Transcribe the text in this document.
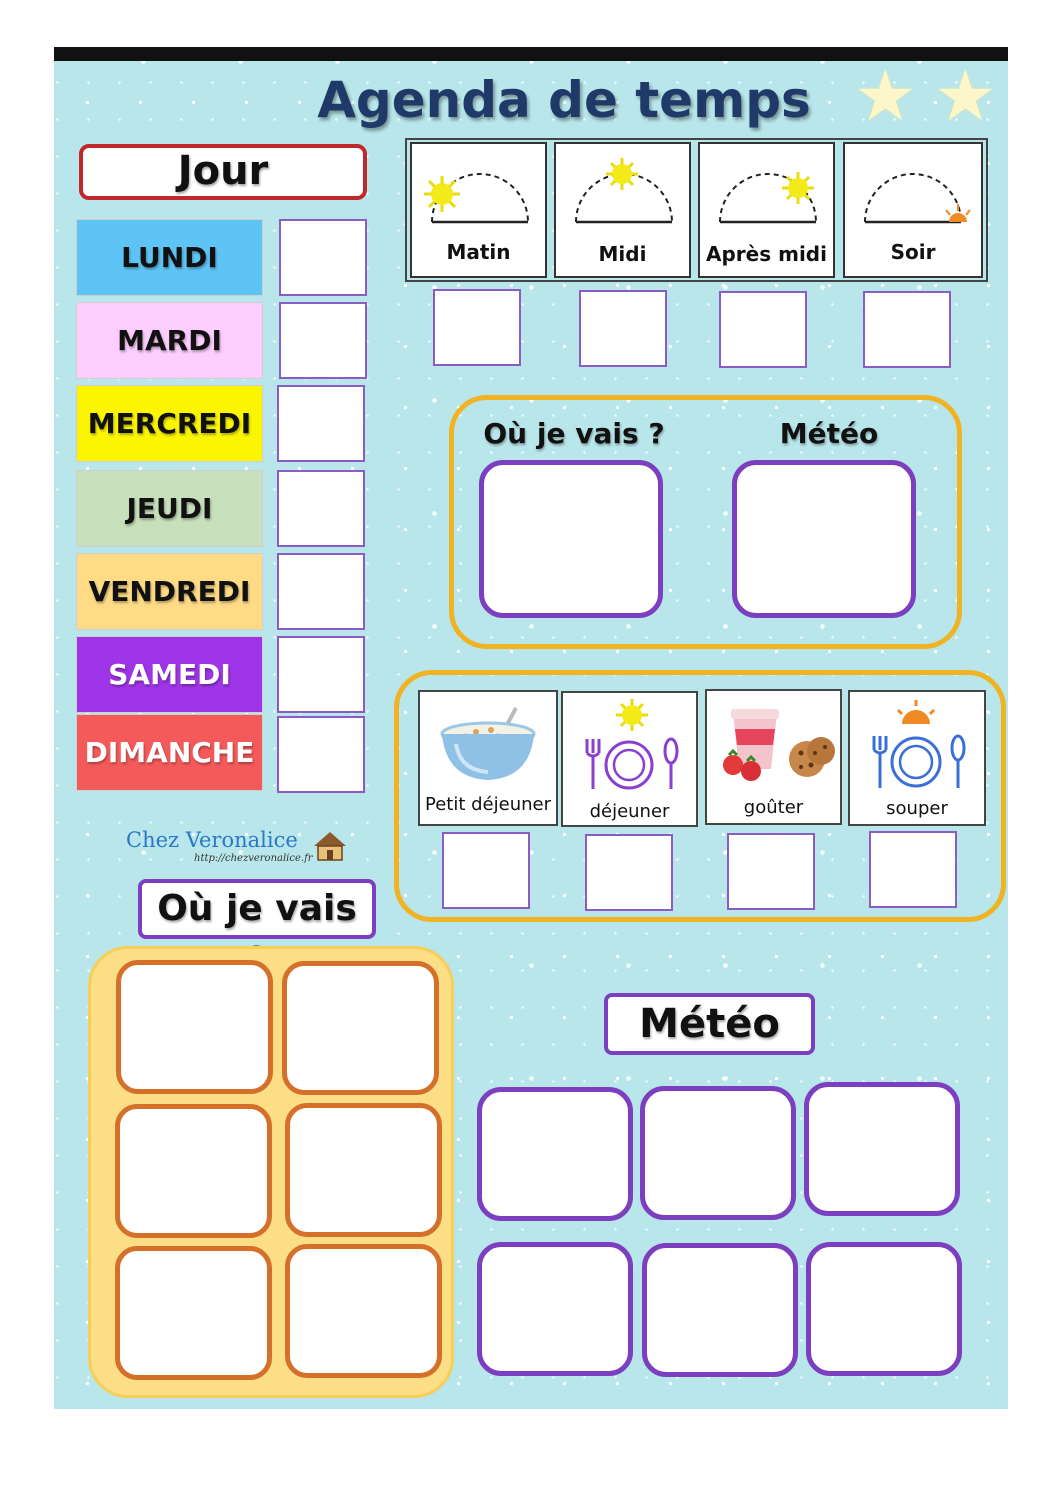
Agenda de temps ★ ★
Jour
LUNDI
MARDI
MERCREDI
JEUDI
VENDREDI
SAMEDI
DIMANCHE
Matin	Midi	Après midi	Soir
Où je vais ?	Météo
Petit déjeuner	déjeuner	goûter	souper
Chez Veronalice
http://chezveronalice.fr
Où je vais
Météo
